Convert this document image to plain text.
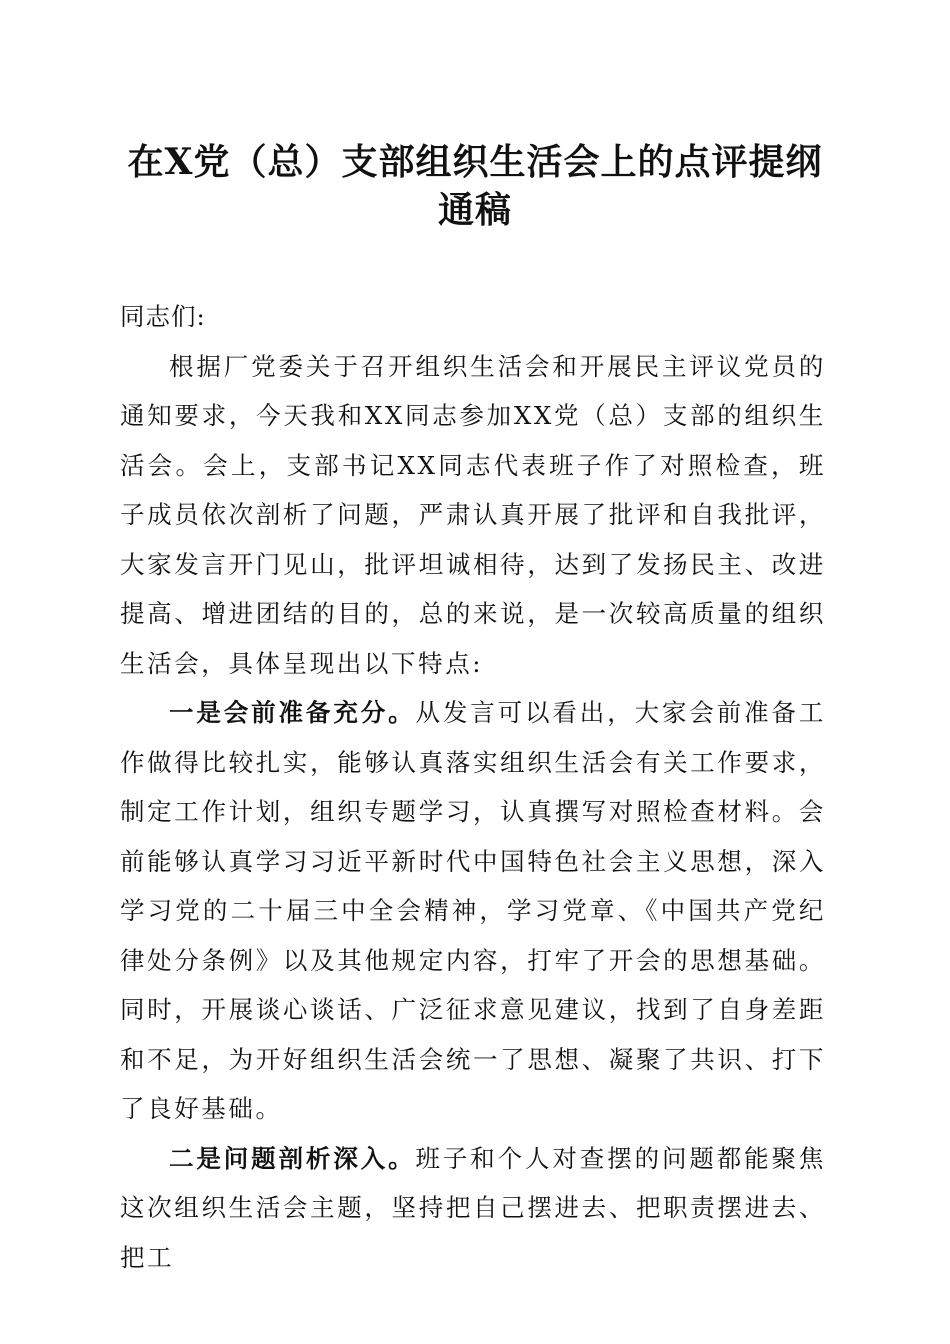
在X党（总）支部组织生活会上的点评提纲通稿

同志们:

根据厂党委关于召开组织生活会和开展民主评议党员的通知要求，今天我和XX同志参加XX党（总）支部的组织生活会。会上，支部书记XX同志代表班子作了对照检查，班子成员依次剖析了问题，严肃认真开展了批评和自我批评，大家发言开门见山，批评坦诚相待，达到了发扬民主、改进提高、增进团结的目的，总的来说，是一次较高质量的组织生活会，具体呈现出以下特点:

一是会前准备充分。从发言可以看出，大家会前准备工作做得比较扎实，能够认真落实组织生活会有关工作要求，制定工作计划，组织专题学习，认真撰写对照检查材料。会前能够认真学习习近平新时代中国特色社会主义思想，深入学习党的二十届三中全会精神，学习党章、《中国共产党纪律处分条例》以及其他规定内容，打牢了开会的思想基础。同时，开展谈心谈话、广泛征求意见建议，找到了自身差距和不足，为开好组织生活会统一了思想、凝聚了共识、打下了良好基础。

二是问题剖析深入。班子和个人对查摆的问题都能聚焦这次组织生活会主题，坚持把自己摆进去、把职责摆进去、把工
